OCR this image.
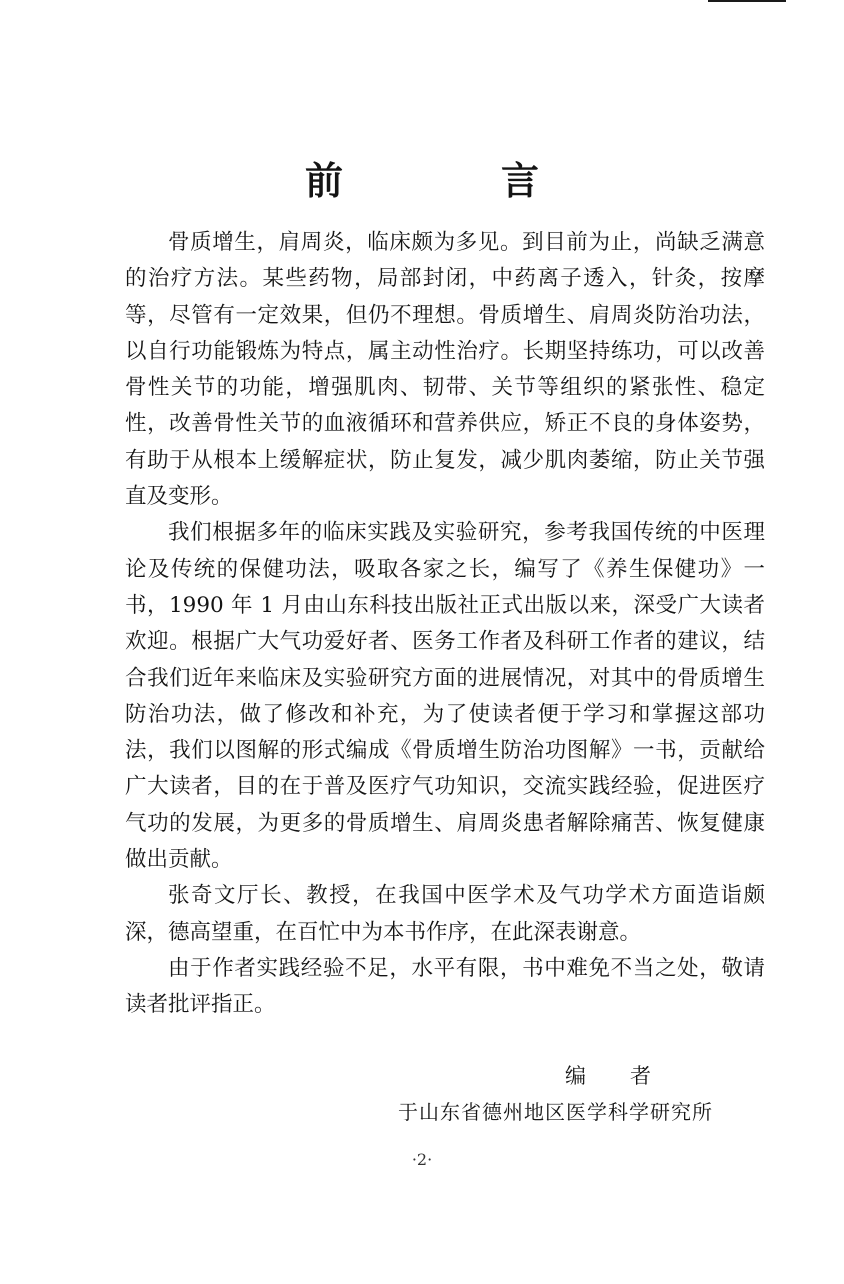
前　言

骨质增生，肩周炎，临床颇为多见。到目前为止，尚缺乏满意的治疗方法。某些药物，局部封闭，中药离子透入，针灸，按摩等，尽管有一定效果，但仍不理想。骨质增生、肩周炎防治功法，以自行功能锻炼为特点，属主动性治疗。长期坚持练功，可以改善骨性关节的功能，增强肌肉、韧带、关节等组织的紧张性、稳定性，改善骨性关节的血液循环和营养供应，矫正不良的身体姿势，有助于从根本上缓解症状，防止复发，减少肌肉萎缩，防止关节强直及变形。

我们根据多年的临床实践及实验研究，参考我国传统的中医理论及传统的保健功法，吸取各家之长，编写了《养生保健功》一书，1990 年 1 月由山东科技出版社正式出版以来，深受广大读者欢迎。根据广大气功爱好者、医务工作者及科研工作者的建议，结合我们近年来临床及实验研究方面的进展情况，对其中的骨质增生防治功法，做了修改和补充，为了使读者便于学习和掌握这部功法，我们以图解的形式编成《骨质增生防治功图解》一书，贡献给广大读者，目的在于普及医疗气功知识，交流实践经验，促进医疗气功的发展，为更多的骨质增生、肩周炎患者解除痛苦、恢复健康做出贡献。

张奇文厅长、教授，在我国中医学术及气功学术方面造诣颇深，德高望重，在百忙中为本书作序，在此深表谢意。

由于作者实践经验不足，水平有限，书中难免不当之处，敬请读者批评指正。

编者
于山东省德州地区医学科学研究所
·2·
